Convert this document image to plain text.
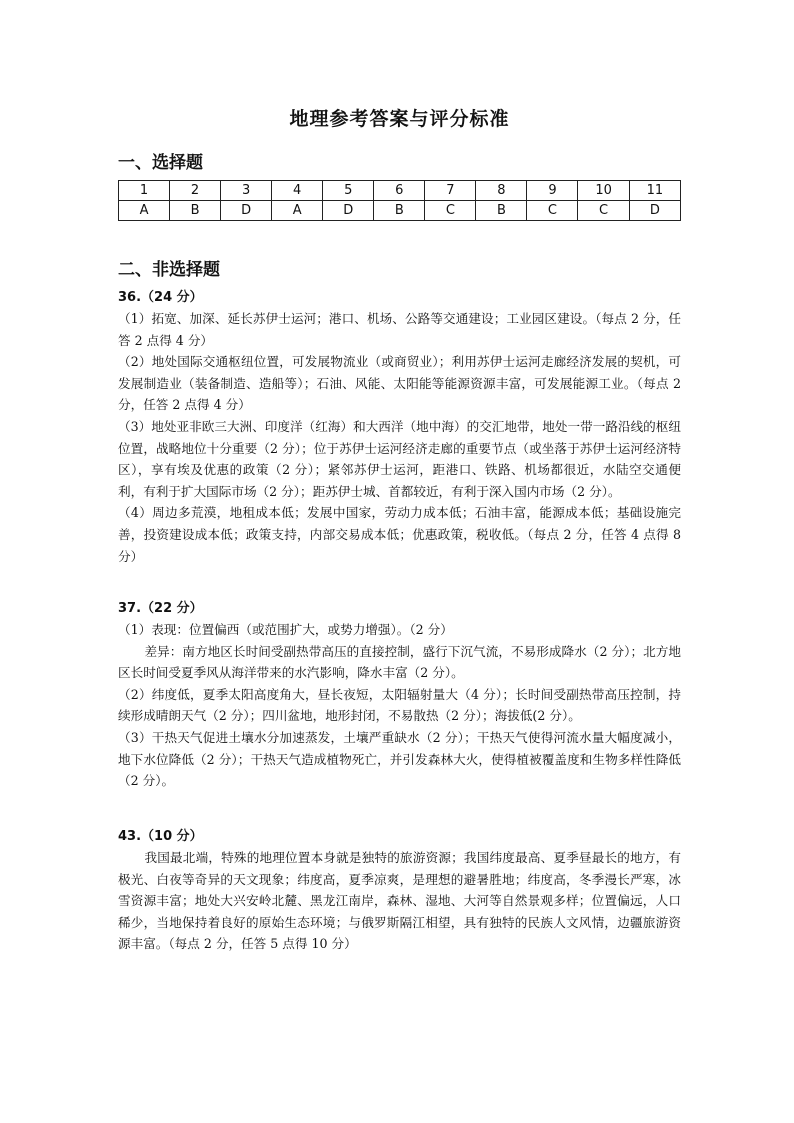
地理参考答案与评分标准
一、选择题
1	2	3	4	5	6	7	8	9	10	11
A	B	D	A	D	B	C	B	C	C	D
二、非选择题
36.（24 分）

（1）拓宽、加深、延长苏伊士运河；港口、机场、公路等交通建设；工业园区建设。（每点 2 分，任答 2 点得 4 分）

（2）地处国际交通枢纽位置，可发展物流业（或商贸业）；利用苏伊士运河走廊经济发展的契机，可发展制造业（装备制造、造船等）；石油、风能、太阳能等能源资源丰富，可发展能源工业。（每点 2 分，任答 2 点得 4 分）

（3）地处亚非欧三大洲、印度洋（红海）和大西洋（地中海）的交汇地带，地处一带一路沿线的枢纽位置，战略地位十分重要（2 分）；位于苏伊士运河经济走廊的重要节点（或坐落于苏伊士运河经济特区），享有埃及优惠的政策（2 分）；紧邻苏伊士运河，距港口、铁路、机场都很近，水陆空交通便利，有利于扩大国际市场（2 分）；距苏伊士城、首都较近，有利于深入国内市场（2 分）。

（4）周边多荒漠，地租成本低；发展中国家，劳动力成本低；石油丰富，能源成本低；基础设施完善，投资建设成本低；政策支持，内部交易成本低；优惠政策，税收低。（每点 2 分，任答 4 点得 8 分）

37.（22 分）

（1）表现：位置偏西（或范围扩大，或势力增强）。（2 分）

差异：南方地区长时间受副热带高压的直接控制，盛行下沉气流，不易形成降水（2 分）；北方地区长时间受夏季风从海洋带来的水汽影响，降水丰富（2 分）。

（2）纬度低，夏季太阳高度角大，昼长夜短，太阳辐射量大（4 分）；长时间受副热带高压控制，持续形成晴朗天气（2 分）；四川盆地，地形封闭，不易散热（2 分）；海拔低(2 分）。

（3）干热天气促进土壤水分加速蒸发，土壤严重缺水（2 分）；干热天气使得河流水量大幅度减小，地下水位降低（2 分）；干热天气造成植物死亡，并引发森林大火，使得植被覆盖度和生物多样性降低（2 分）。

43.（10 分）

我国最北端，特殊的地理位置本身就是独特的旅游资源；我国纬度最高、夏季昼最长的地方，有极光、白夜等奇异的天文现象；纬度高，夏季凉爽，是理想的避暑胜地；纬度高，冬季漫长严寒，冰雪资源丰富；地处大兴安岭北麓、黑龙江南岸，森林、湿地、大河等自然景观多样；位置偏远，人口稀少，当地保持着良好的原始生态环境；与俄罗斯隔江相望，具有独特的民族人文风情，边疆旅游资源丰富。（每点 2 分，任答 5 点得 10 分）
